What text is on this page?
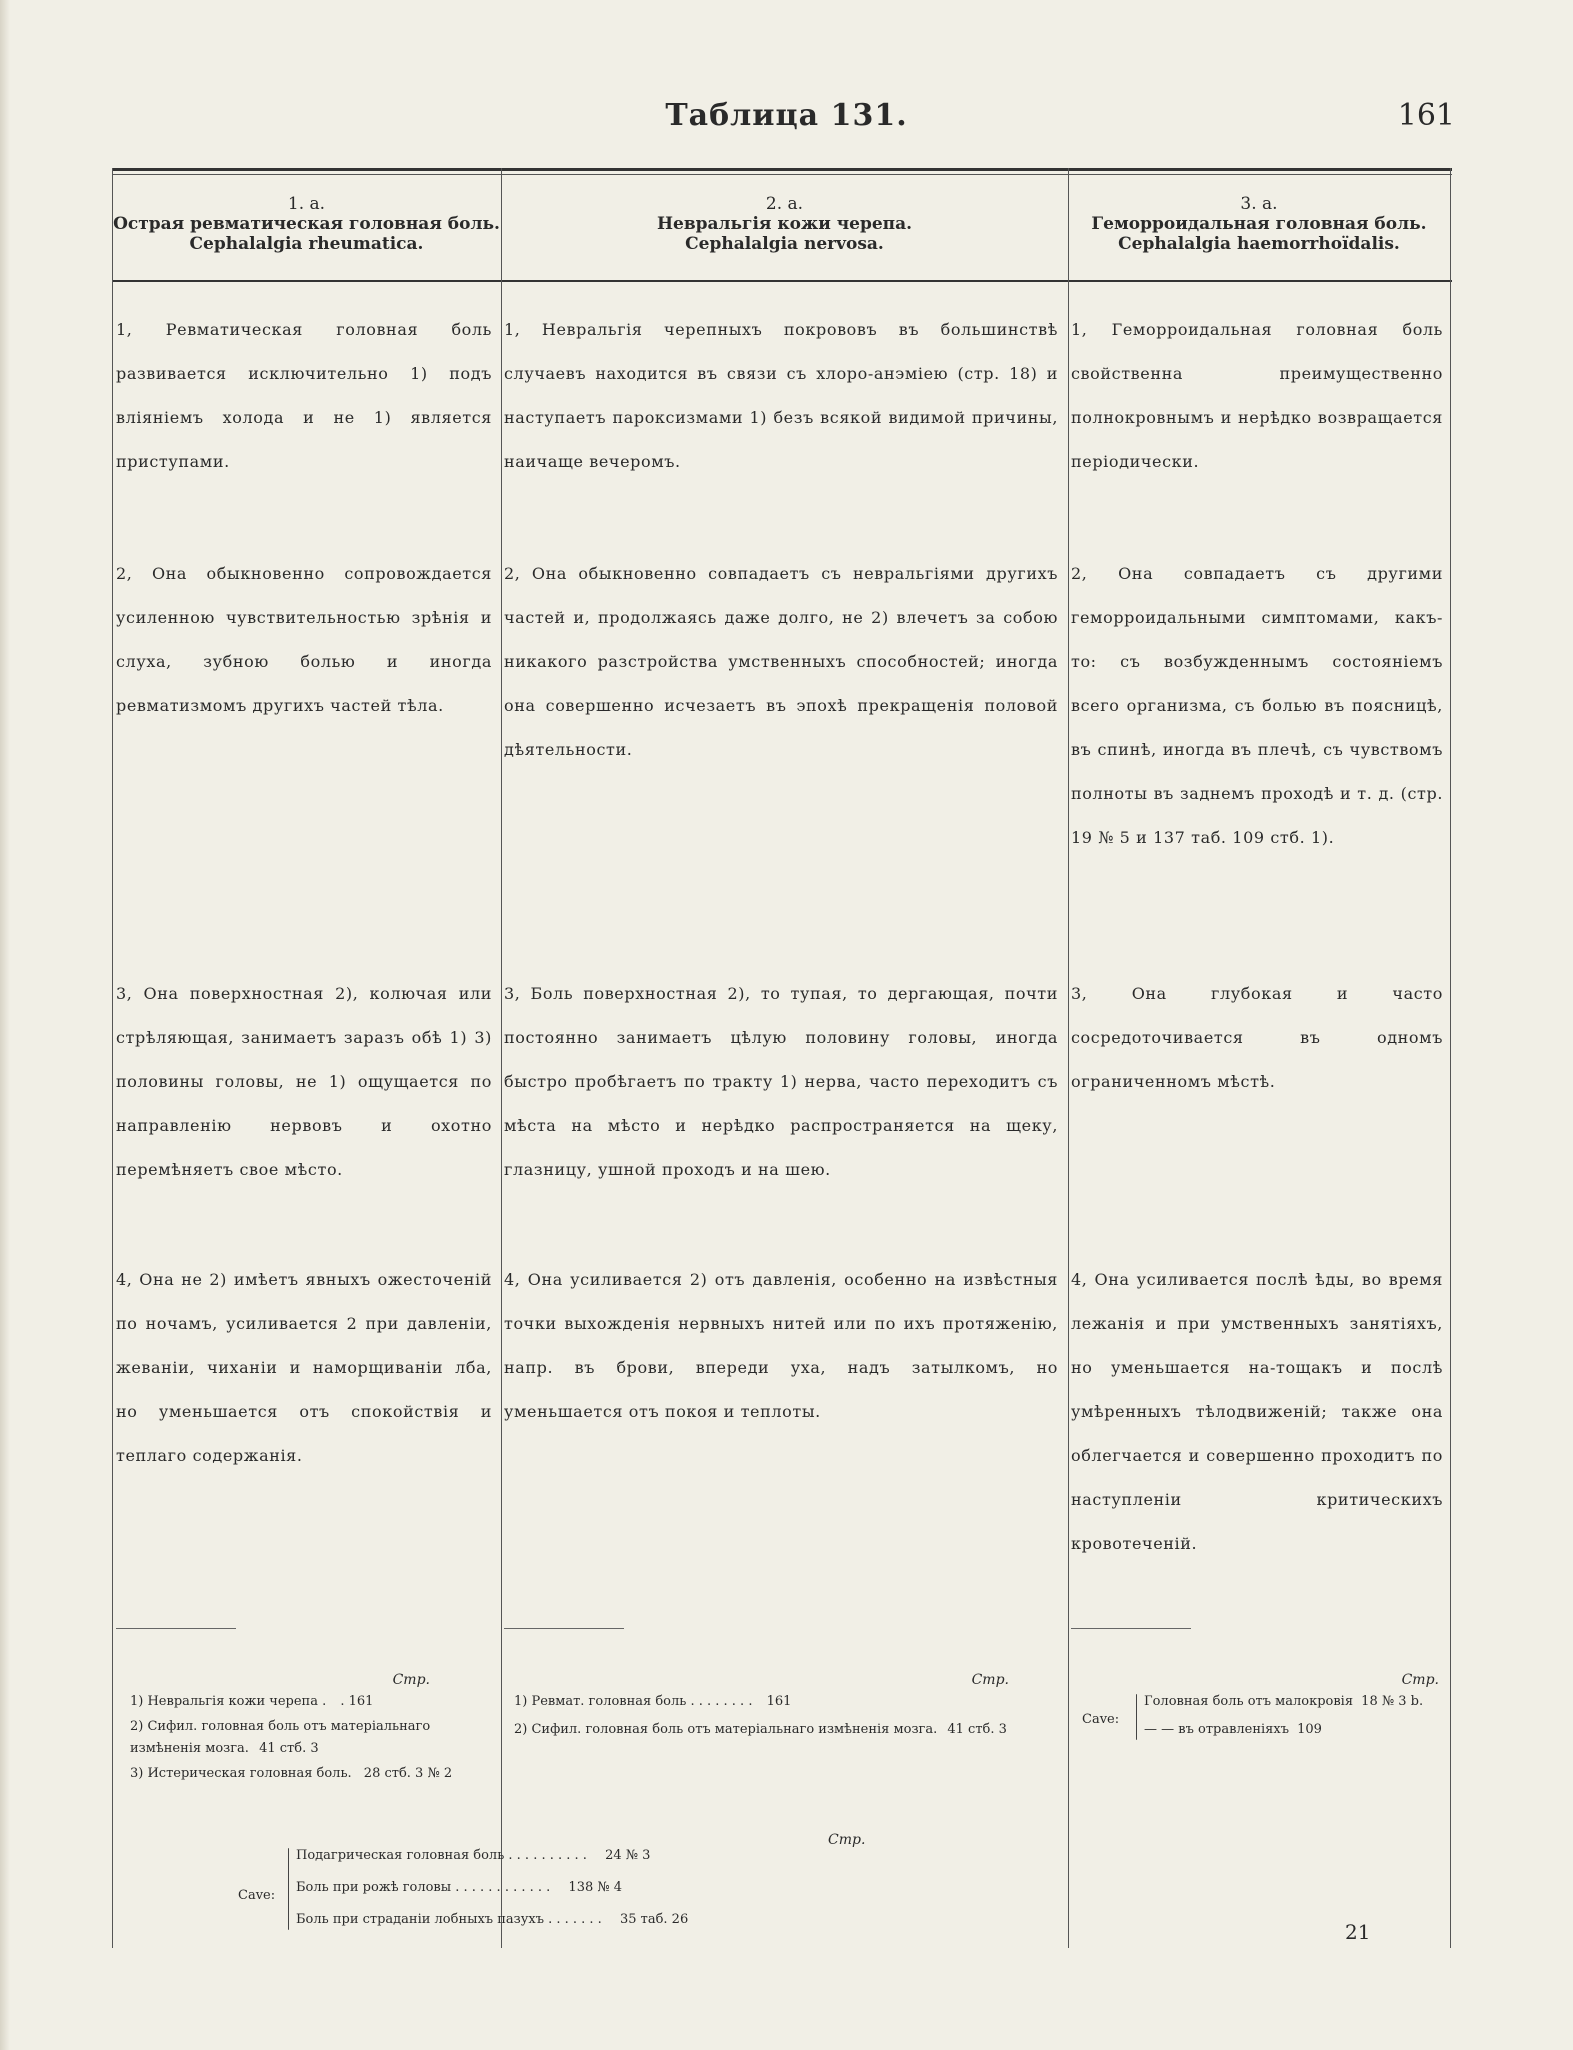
Таблица 131.	161
1. а.
Острая ревматическая головная боль.
Cephalalgia rheumatica.
2. а.
Невральгія кожи черепа.
Cephalalgia nervosa.
3. а.
Геморроидальная головная боль.
Cephalalgia haemorrhoïdalis.
1, Ревматическая головная боль развивается исключительно 1) подъ вліяніемъ холода и не 1) является приступами.
1, Невральгія черепныхъ покрововъ въ большинствѣ случаевъ находится въ связи съ хлоро-анэміею (стр. 18) и наступаетъ пароксизмами 1) безъ всякой видимой причины, наичаще вечеромъ.
1, Геморроидальная головная боль свойственна преимущественно полнокровнымъ и нерѣдко возвращается періодически.
2, Она обыкновенно сопровождается усиленною чувствительностью зрѣнія и слуха, зубною болью и иногда ревматизмомъ другихъ частей тѣла.
2, Она обыкновенно совпадаетъ съ невральгіями другихъ частей и, продолжаясь даже долго, не 2) влечетъ за собою никакого разстройства умственныхъ способностей; иногда она совершенно исчезаетъ въ эпохѣ прекращенія половой дѣятельности.
2, Она совпадаетъ съ другими геморроидальными симптомами, какъ-то: съ возбужденнымъ состояніемъ всего организма, съ болью въ поясницѣ, въ спинѣ, иногда въ плечѣ, съ чувствомъ полноты въ заднемъ проходѣ и т. д. (стр. 19 № 5 и 137 таб. 109 стб. 1).
3, Она поверхностная 2), колючая или стрѣляющая, занимаетъ заразъ обѣ 1) 3) половины головы, не 1) ощущается по направленію нервовъ и охотно перемѣняетъ свое мѣсто.
3, Боль поверхностная 2), то тупая, то дергающая, почти постоянно занимаетъ цѣлую половину головы, иногда быстро пробѣгаетъ по тракту 1) нерва, часто переходитъ съ мѣста на мѣсто и нерѣдко распространяется на щеку, глазницу, ушной проходъ и на шею.
3, Она глубокая и часто сосредоточивается въ одномъ ограниченномъ мѣстѣ.
4, Она не 2) имѣетъ явныхъ ожесточеній по ночамъ, усиливается 2 при давленіи, жеваніи, чиханіи и наморщиваніи лба, но уменьшается отъ спокойствія и теплаго содержанія.
4, Она усиливается 2) отъ давленія, особенно на извѣстныя точки выхожденія нервныхъ нитей или по ихъ протяженію, напр. въ брови, впереди уха, надъ затылкомъ, но уменьшается отъ покоя и теплоты.
4, Она усиливается послѣ ѣды, во время лежанія и при умственныхъ занятіяхъ, но уменьшается на-тощакъ и послѣ умѣренныхъ тѣлодвиженій; также она облегчается и совершенно проходитъ по наступленіи критическихъ кровотеченій.
Стр.
1) Невральгія кожи черепа . . 161
2) Сифил. головная боль отъ матеріальнаго измѣненія мозга. 41 стб. 3
3) Истерическая головная боль. 28 стб. 3 № 2
Стр.
1) Ревмат. головная боль . . . . . . . . 161
2) Сифил. головная боль отъ матеріальнаго измѣненія мозга. 41 стб. 3
Стр.
Cave:
Головная боль отъ малокровія 18 № 3 b.
— — въ отравленіяхъ 109
Стр.
Cave:
Подагрическая головная боль . . . . . . . . . . 24 № 3
Боль при рожѣ головы . . . . . . . . . . . . 138 № 4
Боль при страданіи лобныхъ пазухъ . . . . . . . 35 таб. 26
21
